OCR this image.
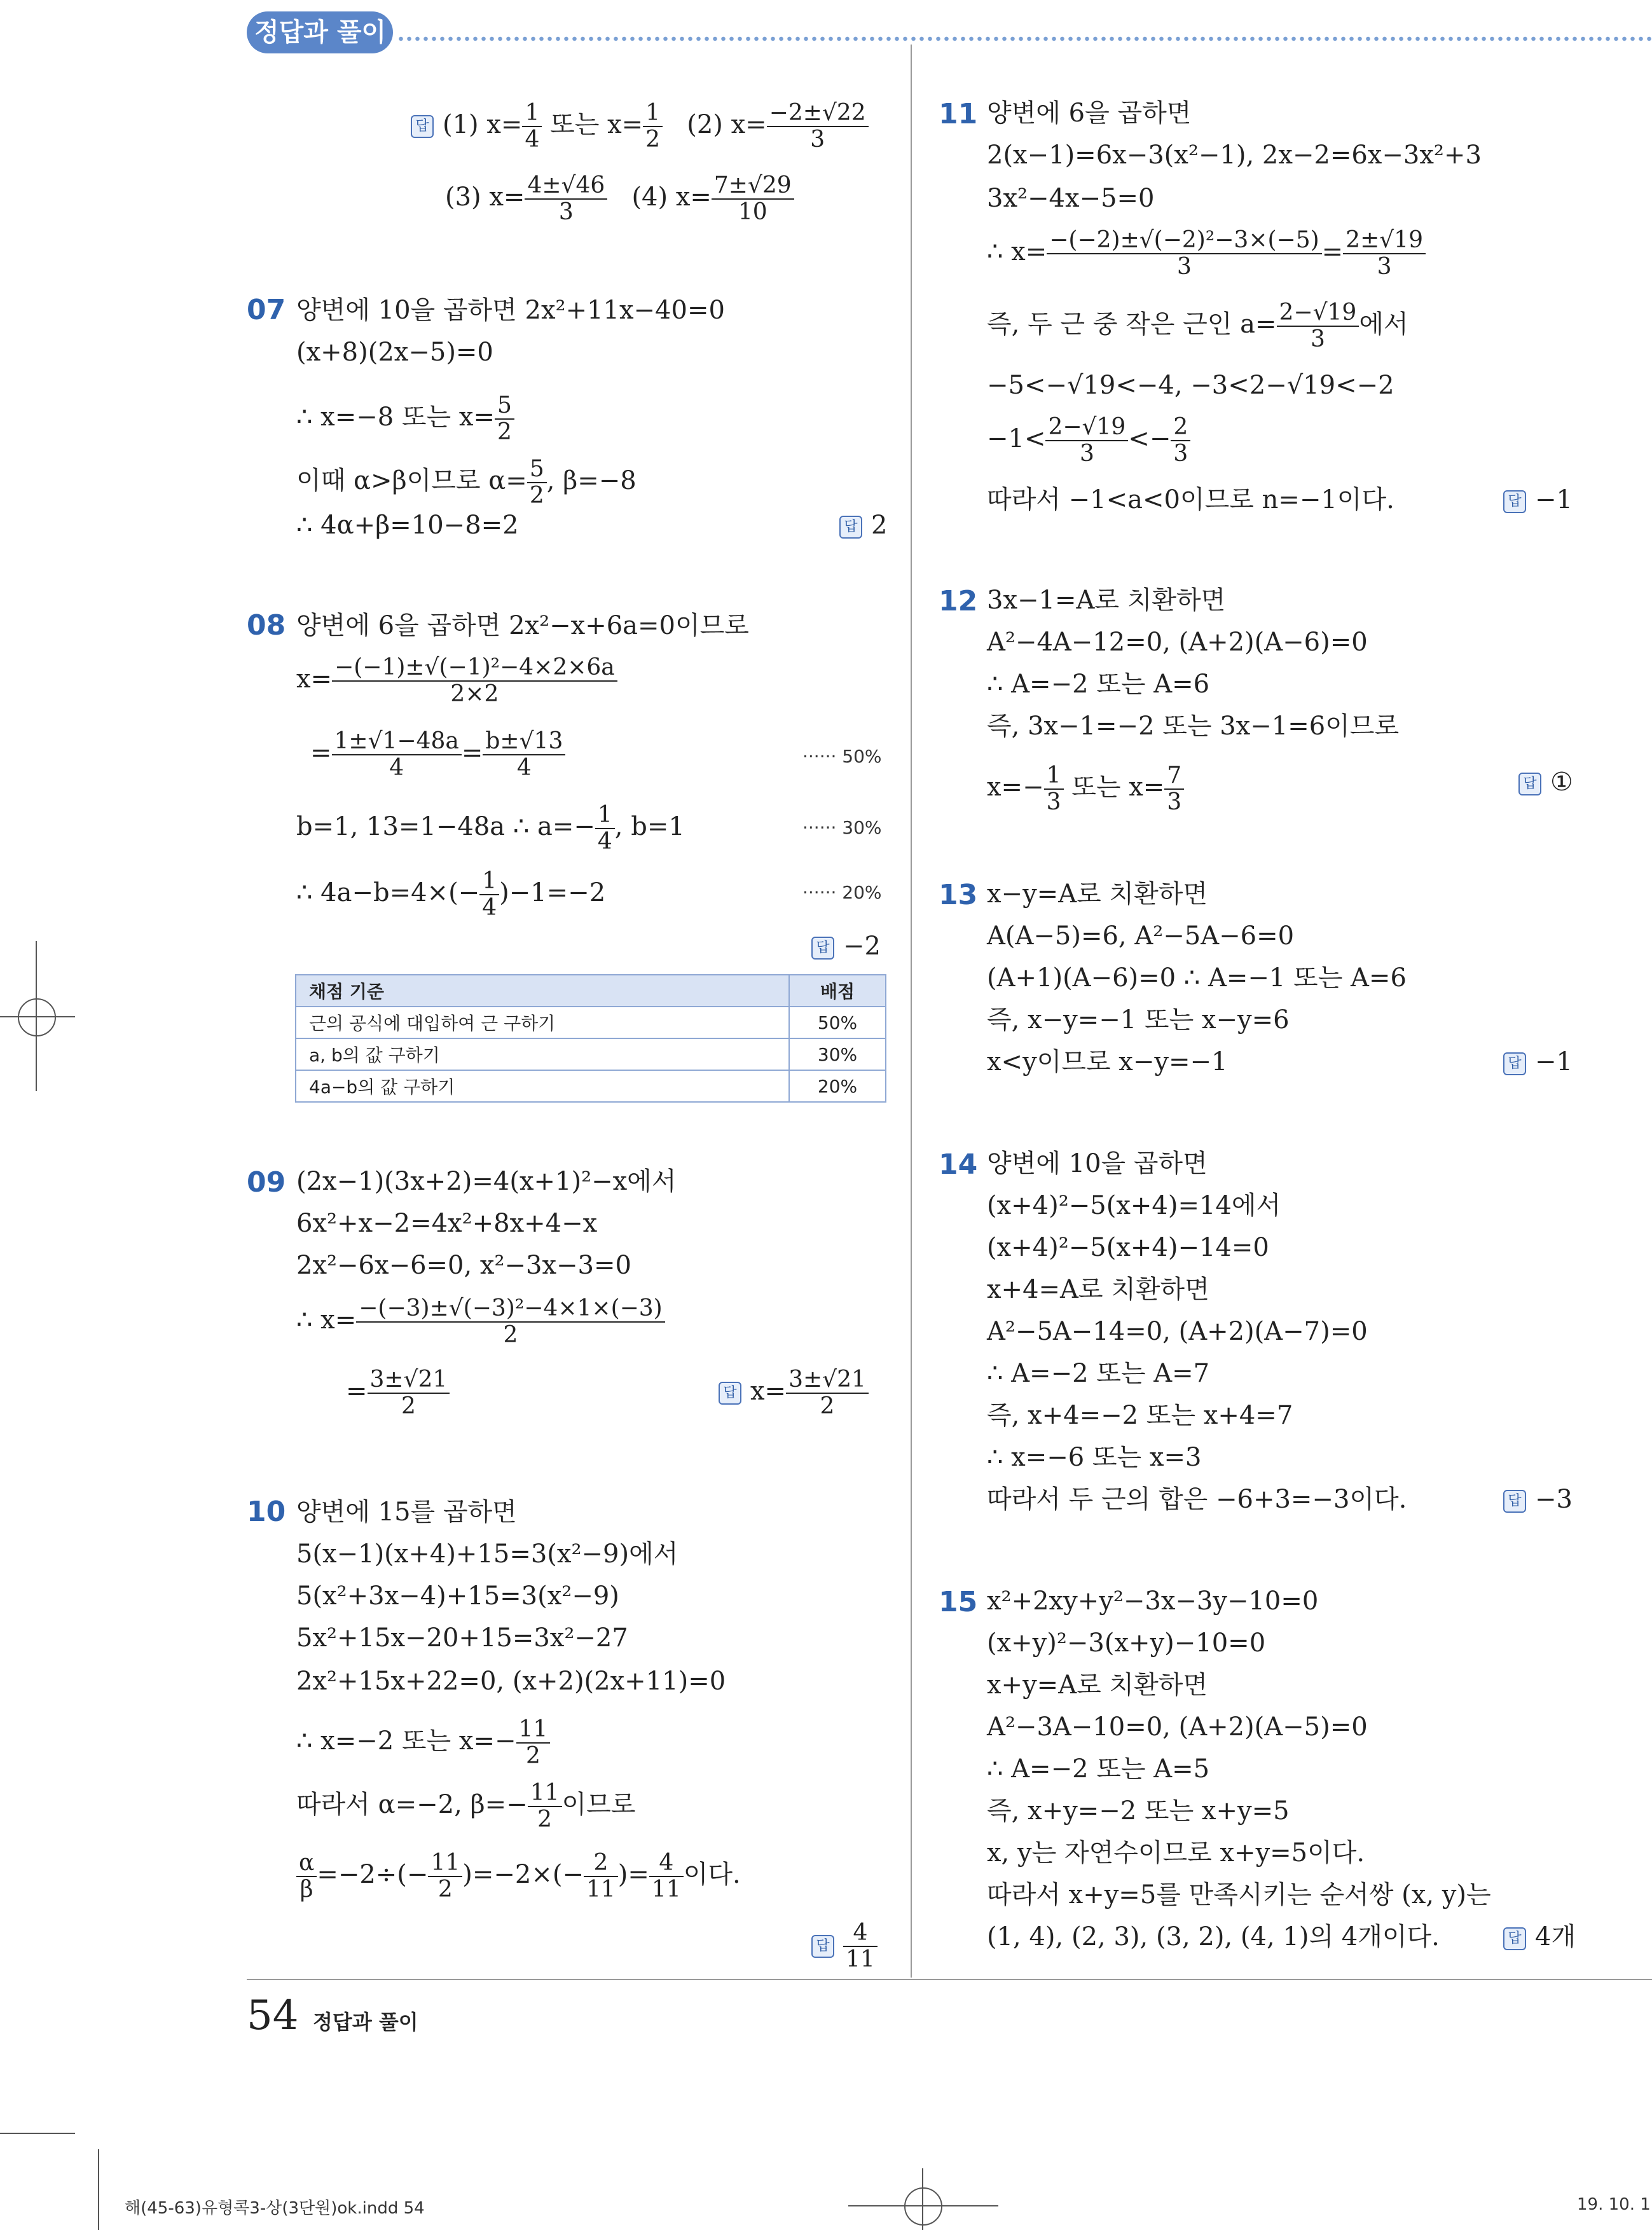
정답과 풀이
답 (1) $x= \frac{1}{4}$ 또는 $x= \frac{1}{2} (2)$ $x= \frac{-2\pm√22}{3}$
(3) $x= \frac{4\pm√46}{3} (4)$ $x= \frac{7\pm√29}{10}$
07 양변에 10을 곱하면 2x²+11x−40=0
(x+8)(2x−5)=0
∴ x=−8 또는 $x= \frac{5}{2}$
이때 α>β이므로 $\alpha= \frac{5}{2}$ , β=−8
∴ 4α+β=10−8=2	답 2
08 양변에 6을 곱하면 2x²−x+6a=0이므로
$x= \frac{\text{−(−1)±√(−1)²−4×2×6a}}{2\times 2}$
= $\frac{1\pm√1-48a}{4} = \frac{b\pm√13}{4}$	······ 50%
b=1, 13=1−48a ∴ $a=- \frac{1}{4}$ , b=1	······ 30%
∴ $4a-b=4\times(- \frac{1}{4} )-1=-2$	······ 20%
답 −2
채점 기준	배점
근의 공식에 대입하여 근 구하기	50%
a, b의 값 구하기	30%
4a−b의 값 구하기	20%
09 (2x−1)(3x+2)=4(x+1)²−x에서
6x²+x−2=4x²+8x+4−x
2x²−6x−6=0, x²−3x−3=0
∴ $x= \frac{\text{−(−3)±√(−3)²−4×1×(−3)}}{2}$
= $\frac{3\pm√21}{2}$	답 $x= \frac{3\pm√21}{2}$
10 양변에 15를 곱하면
5(x−1)(x+4)+15=3(x²−9)에서
5(x²+3x−4)+15=3(x²−9)
5x²+15x−20+15=3x²−27
2x²+15x+22=0, (x+2)(2x+11)=0
∴ x=−2 또는 $x=- \frac{11}{2}$
따라서 α=−2, $\beta=- \frac{11}{2}$ 이므로
$\frac{\alpha}{\beta} =-2\div(- \frac{11}{2} )=-2\times(- \frac{2}{11}$ )= $\frac{4}{11}$ 이다.
답 $\frac{4}{11}$
11 양변에 6을 곱하면
2(x−1)=6x−3(x²−1), 2x−2=6x−3x²+3
3x²−4x−5=0
∴ $x= \frac{\text{−(−2)±√(−2)²−3×(−5)}}{3} = \frac{2\pm√19}{3}$
즉, 두 근 중 작은 근인 $a= \frac{2-√19}{3}$ 에서
−5<−√19<−4, −3<2−√19<−2
$-1< \frac{2-√19}{3} <- \frac{2}{3}$
따라서 −1<a<0이므로 n=−1이다.	답 −1
12 3x−1=A로 치환하면
A²−4A−12=0, (A+2)(A−6)=0
∴ A=−2 또는 A=6
즉, 3x−1=−2 또는 3x−1=6이므로
$x=- \frac{1}{3}$ 또는 $x= \frac{7}{3}$	답 ①
13 x−y=A로 치환하면
A(A−5)=6, A²−5A−6=0
(A+1)(A−6)=0 ∴ A=−1 또는 A=6
즉, x−y=−1 또는 x−y=6
x<y이므로 x−y=−1	답 −1
14 양변에 10을 곱하면
(x+4)²−5(x+4)=14에서
(x+4)²−5(x+4)−14=0
x+4=A로 치환하면
A²−5A−14=0, (A+2)(A−7)=0
∴ A=−2 또는 A=7
즉, x+4=−2 또는 x+4=7
∴ x=−6 또는 x=3
따라서 두 근의 합은 −6+3=−3이다.	답 −3
15 x²+2xy+y²−3x−3y−10=0
(x+y)²−3(x+y)−10=0
x+y=A로 치환하면
A²−3A−10=0, (A+2)(A−5)=0
∴ A=−2 또는 A=5
즉, x+y=−2 또는 x+y=5
x, y는 자연수이므로 x+y=5이다.
따라서 x+y=5를 만족시키는 순서쌍 (x, y)는
(1, 4), (2, 3), (3, 2), (4, 1)의 4개이다.	답 4개
54 정답과 풀이
해(45-63)유형콕3-상(3단원)ok.indd 54	19. 10. 1
